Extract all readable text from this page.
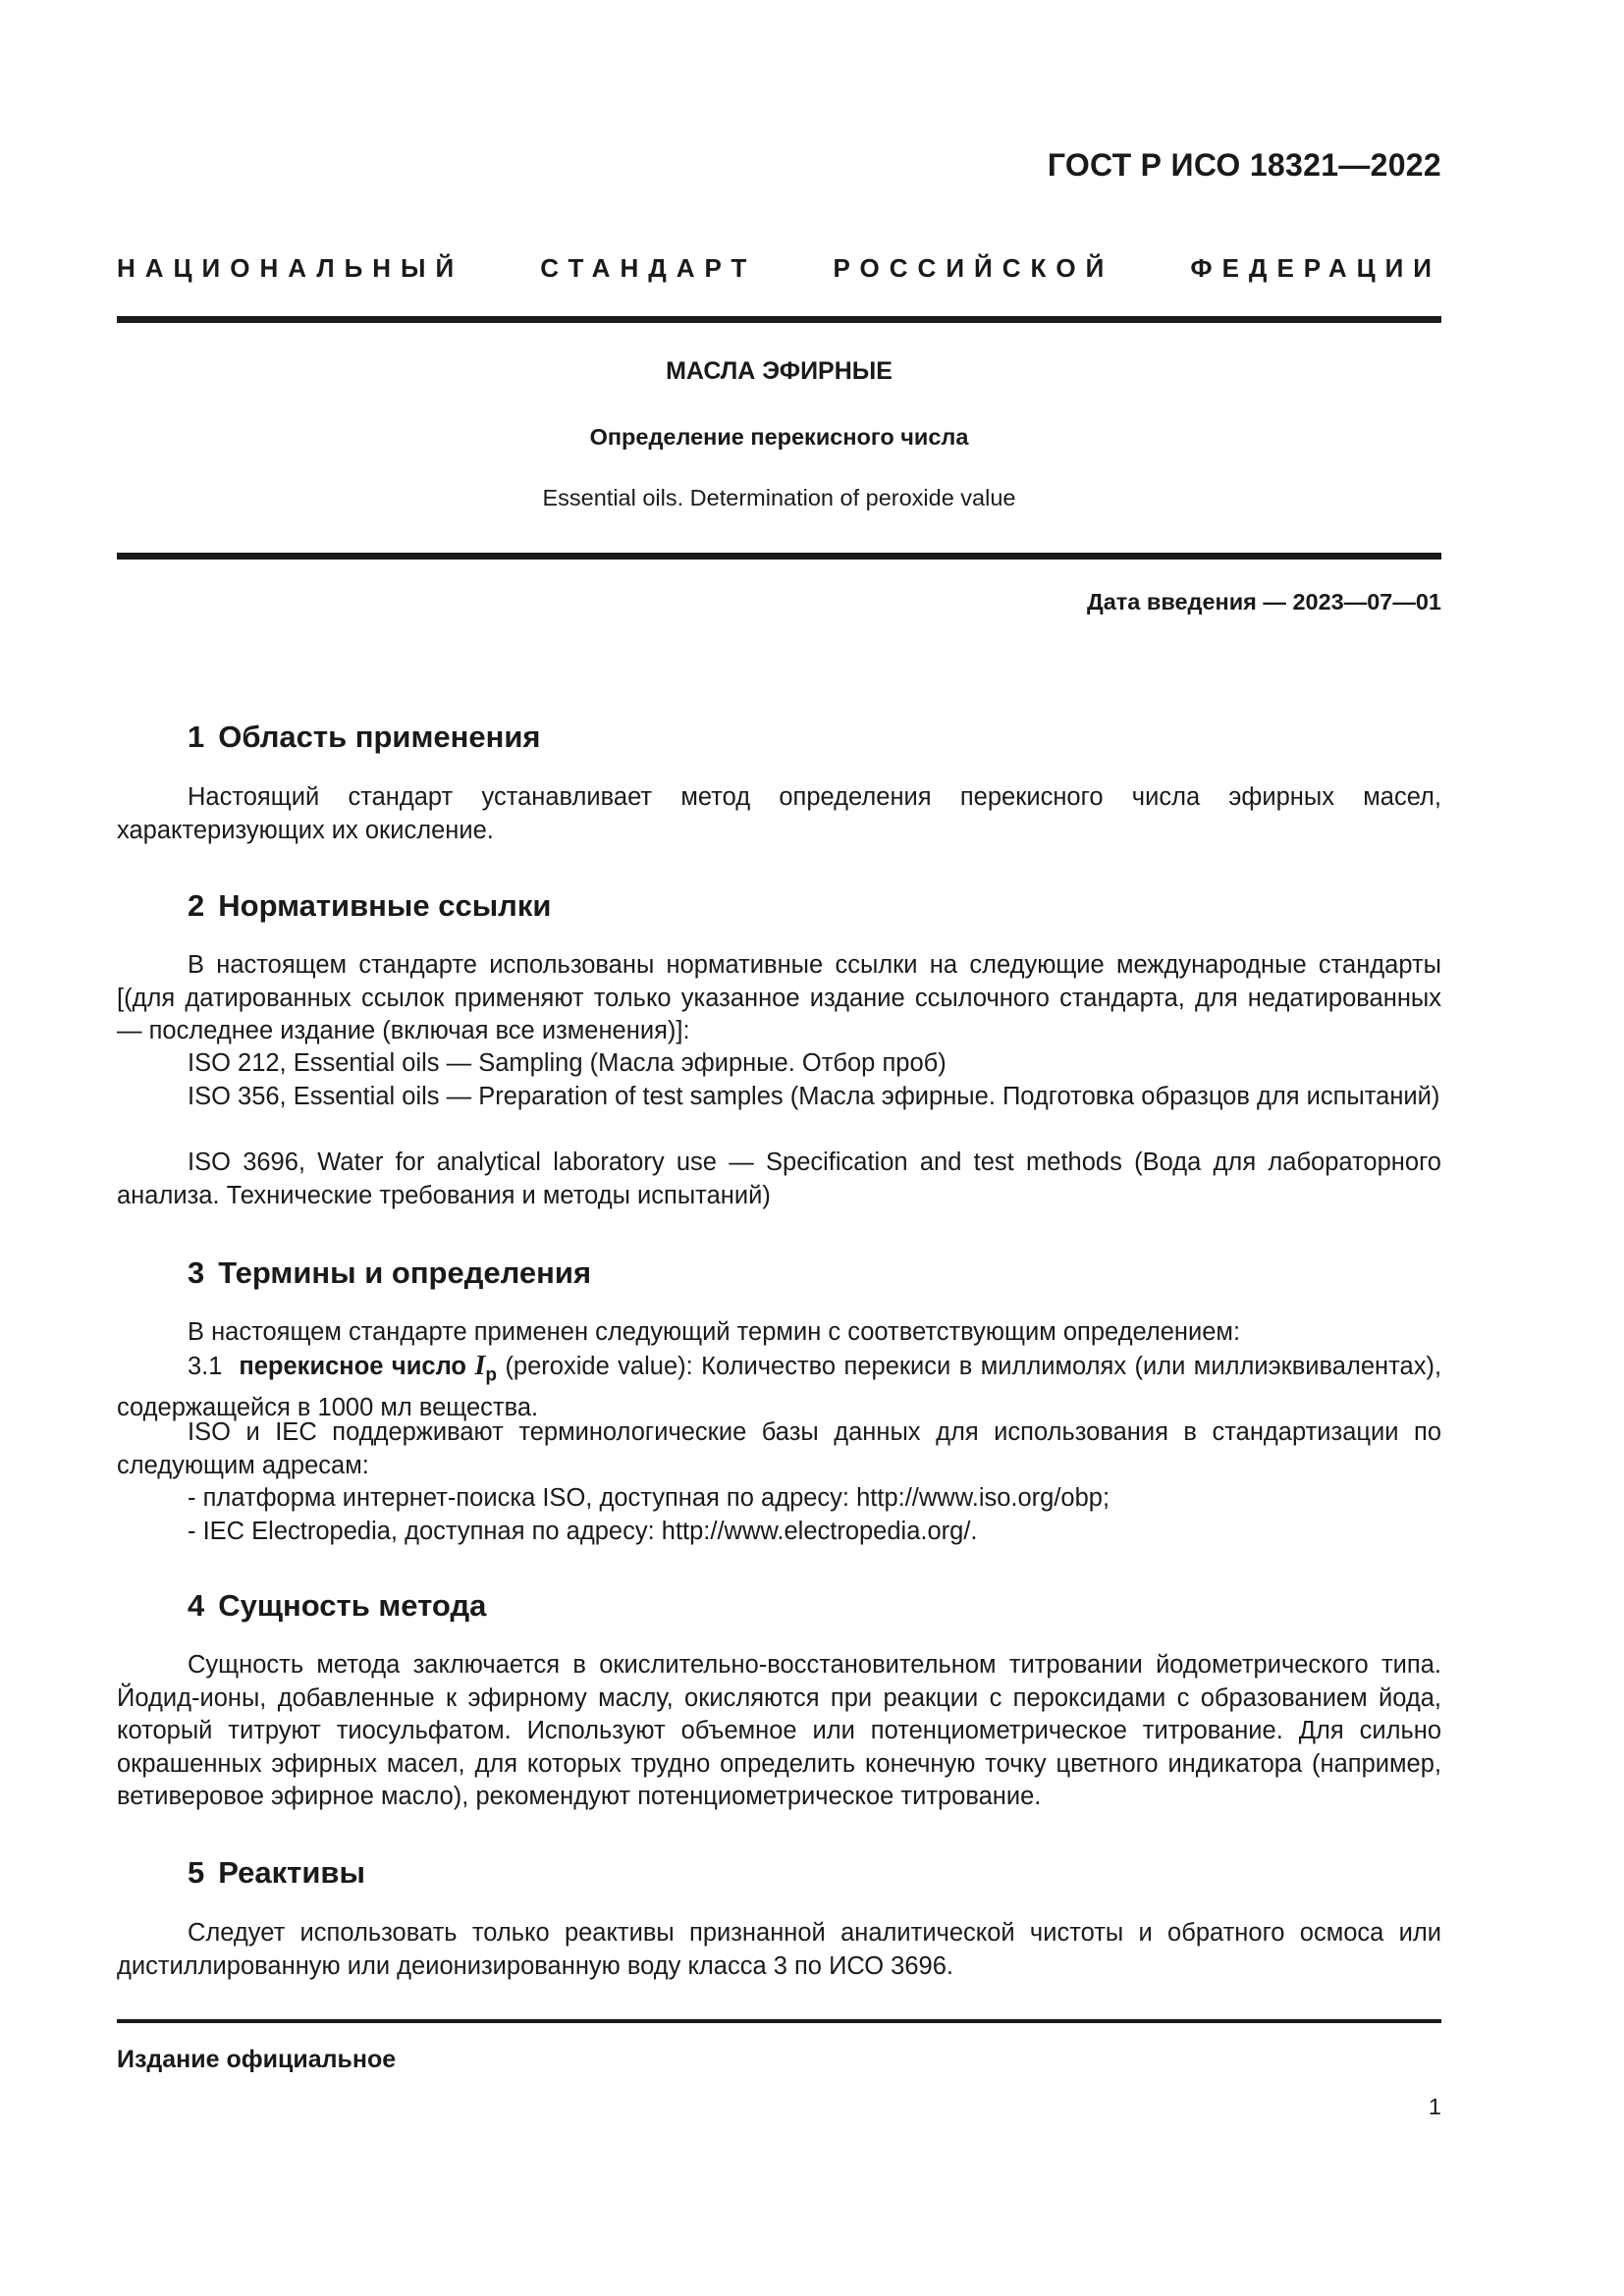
ГОСТ Р ИСО 18321—2022
НАЦИОНАЛЬНЫЙ СТАНДАРТ РОССИЙСКОЙ ФЕДЕРАЦИИ
МАСЛА ЭФИРНЫЕ
Определение перекисного числа
Essential oils. Determination of peroxide value
Дата введения — 2023—07—01
1 Область применения

Настоящий стандарт устанавливает метод определения перекисного числа эфирных масел, характеризующих их окисление.

2 Нормативные ссылки

В настоящем стандарте использованы нормативные ссылки на следующие международные стандарты [(для датированных ссылок применяют только указанное издание ссылочного стандарта, для недатированных — последнее издание (включая все изменения)]:

ISO 212, Essential oils — Sampling (Масла эфирные. Отбор проб)

ISO 356, Essential oils — Preparation of test samples (Масла эфирные. Подготовка образцов для испытаний)

ISO 3696, Water for analytical laboratory use — Specification and test methods (Вода для лабораторного анализа. Технические требования и методы испытаний)

3 Термины и определения

В настоящем стандарте применен следующий термин с соответствующим определением:

3.1 перекисное число $I_p$ (peroxide value): Количество перекиси в миллимолях (или миллиэквивалентах), содержащейся в 1000 мл вещества.

ISO и IEC поддерживают терминологические базы данных для использования в стандартизации по следующим адресам:

- платформа интернет-поиска ISO, доступная по адресу: http://www.iso.org/obp;

- IEC Electropedia, доступная по адресу: http://www.electropedia.org/.

4 Сущность метода

Сущность метода заключается в окислительно-восстановительном титровании йодометрического типа. Йодид-ионы, добавленные к эфирному маслу, окисляются при реакции с пероксидами с образованием йода, который титруют тиосульфатом. Используют объемное или потенциометрическое титрование. Для сильно окрашенных эфирных масел, для которых трудно определить конечную точку цветного индикатора (например, ветиверовое эфирное масло), рекомендуют потенциометрическое титрование.

5 Реактивы

Следует использовать только реактивы признанной аналитической чистоты и обратного осмоса или дистиллированную или деионизированную воду класса 3 по ИСО 3696.

Издание официальное
1
